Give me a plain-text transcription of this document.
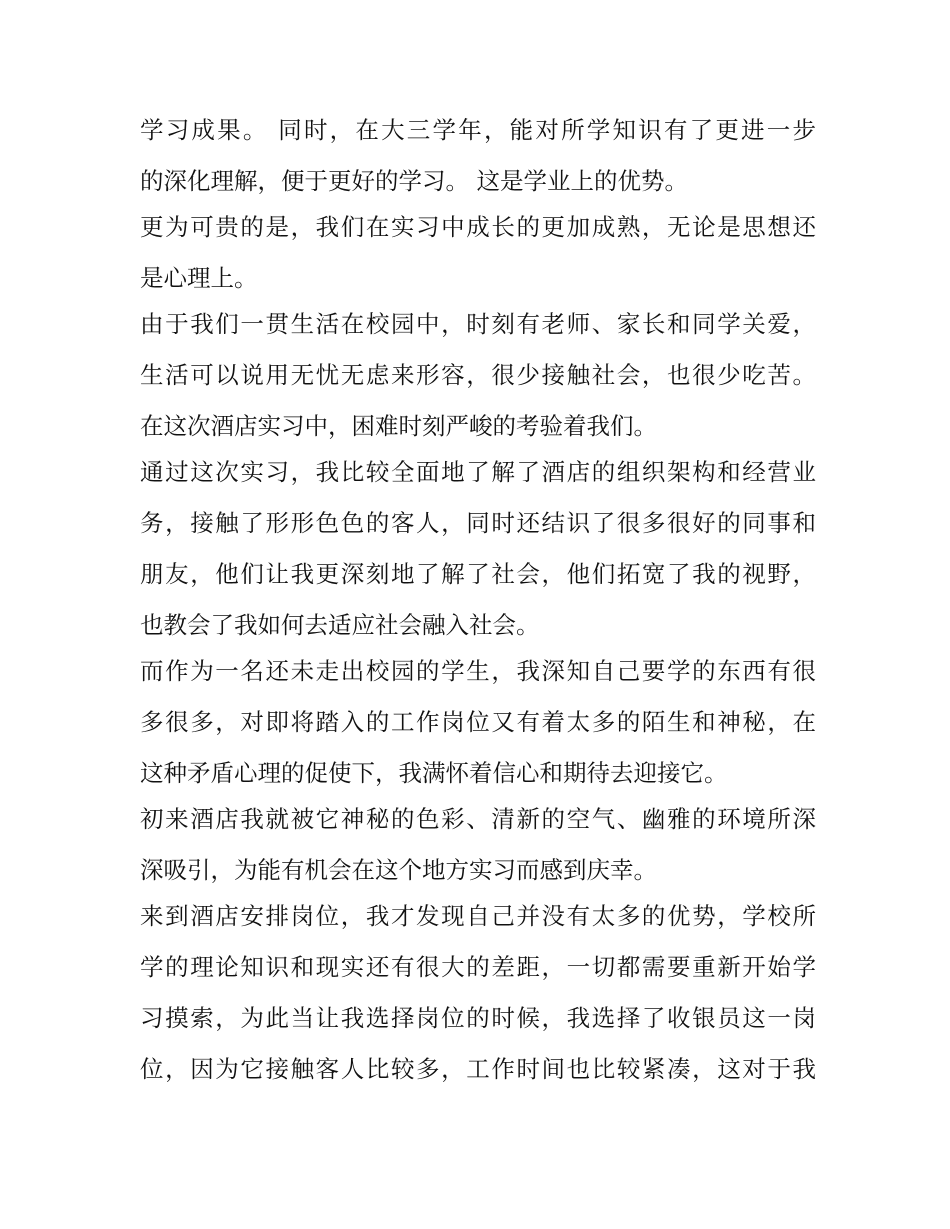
学习成果。 同时，在大三学年，能对所学知识有了更进一步
的深化理解，便于更好的学习。 这是学业上的优势。
更为可贵的是，我们在实习中成长的更加成熟，无论是思想还
是心理上。
由于我们一贯生活在校园中，时刻有老师、家长和同学关爱，
生活可以说用无忧无虑来形容，很少接触社会，也很少吃苦。
在这次酒店实习中，困难时刻严峻的考验着我们。
通过这次实习，我比较全面地了解了酒店的组织架构和经营业
务，接触了形形色色的客人，同时还结识了很多很好的同事和
朋友，他们让我更深刻地了解了社会，他们拓宽了我的视野，
也教会了我如何去适应社会融入社会。
而作为一名还未走出校园的学生，我深知自己要学的东西有很
多很多，对即将踏入的工作岗位又有着太多的陌生和神秘，在
这种矛盾心理的促使下，我满怀着信心和期待去迎接它。
初来酒店我就被它神秘的色彩、清新的空气、幽雅的环境所深
深吸引，为能有机会在这个地方实习而感到庆幸。
来到酒店安排岗位，我才发现自己并没有太多的优势，学校所
学的理论知识和现实还有很大的差距，一切都需要重新开始学
习摸索，为此当让我选择岗位的时候，我选择了收银员这一岗
位，因为它接触客人比较多，工作时间也比较紧凑，这对于我
